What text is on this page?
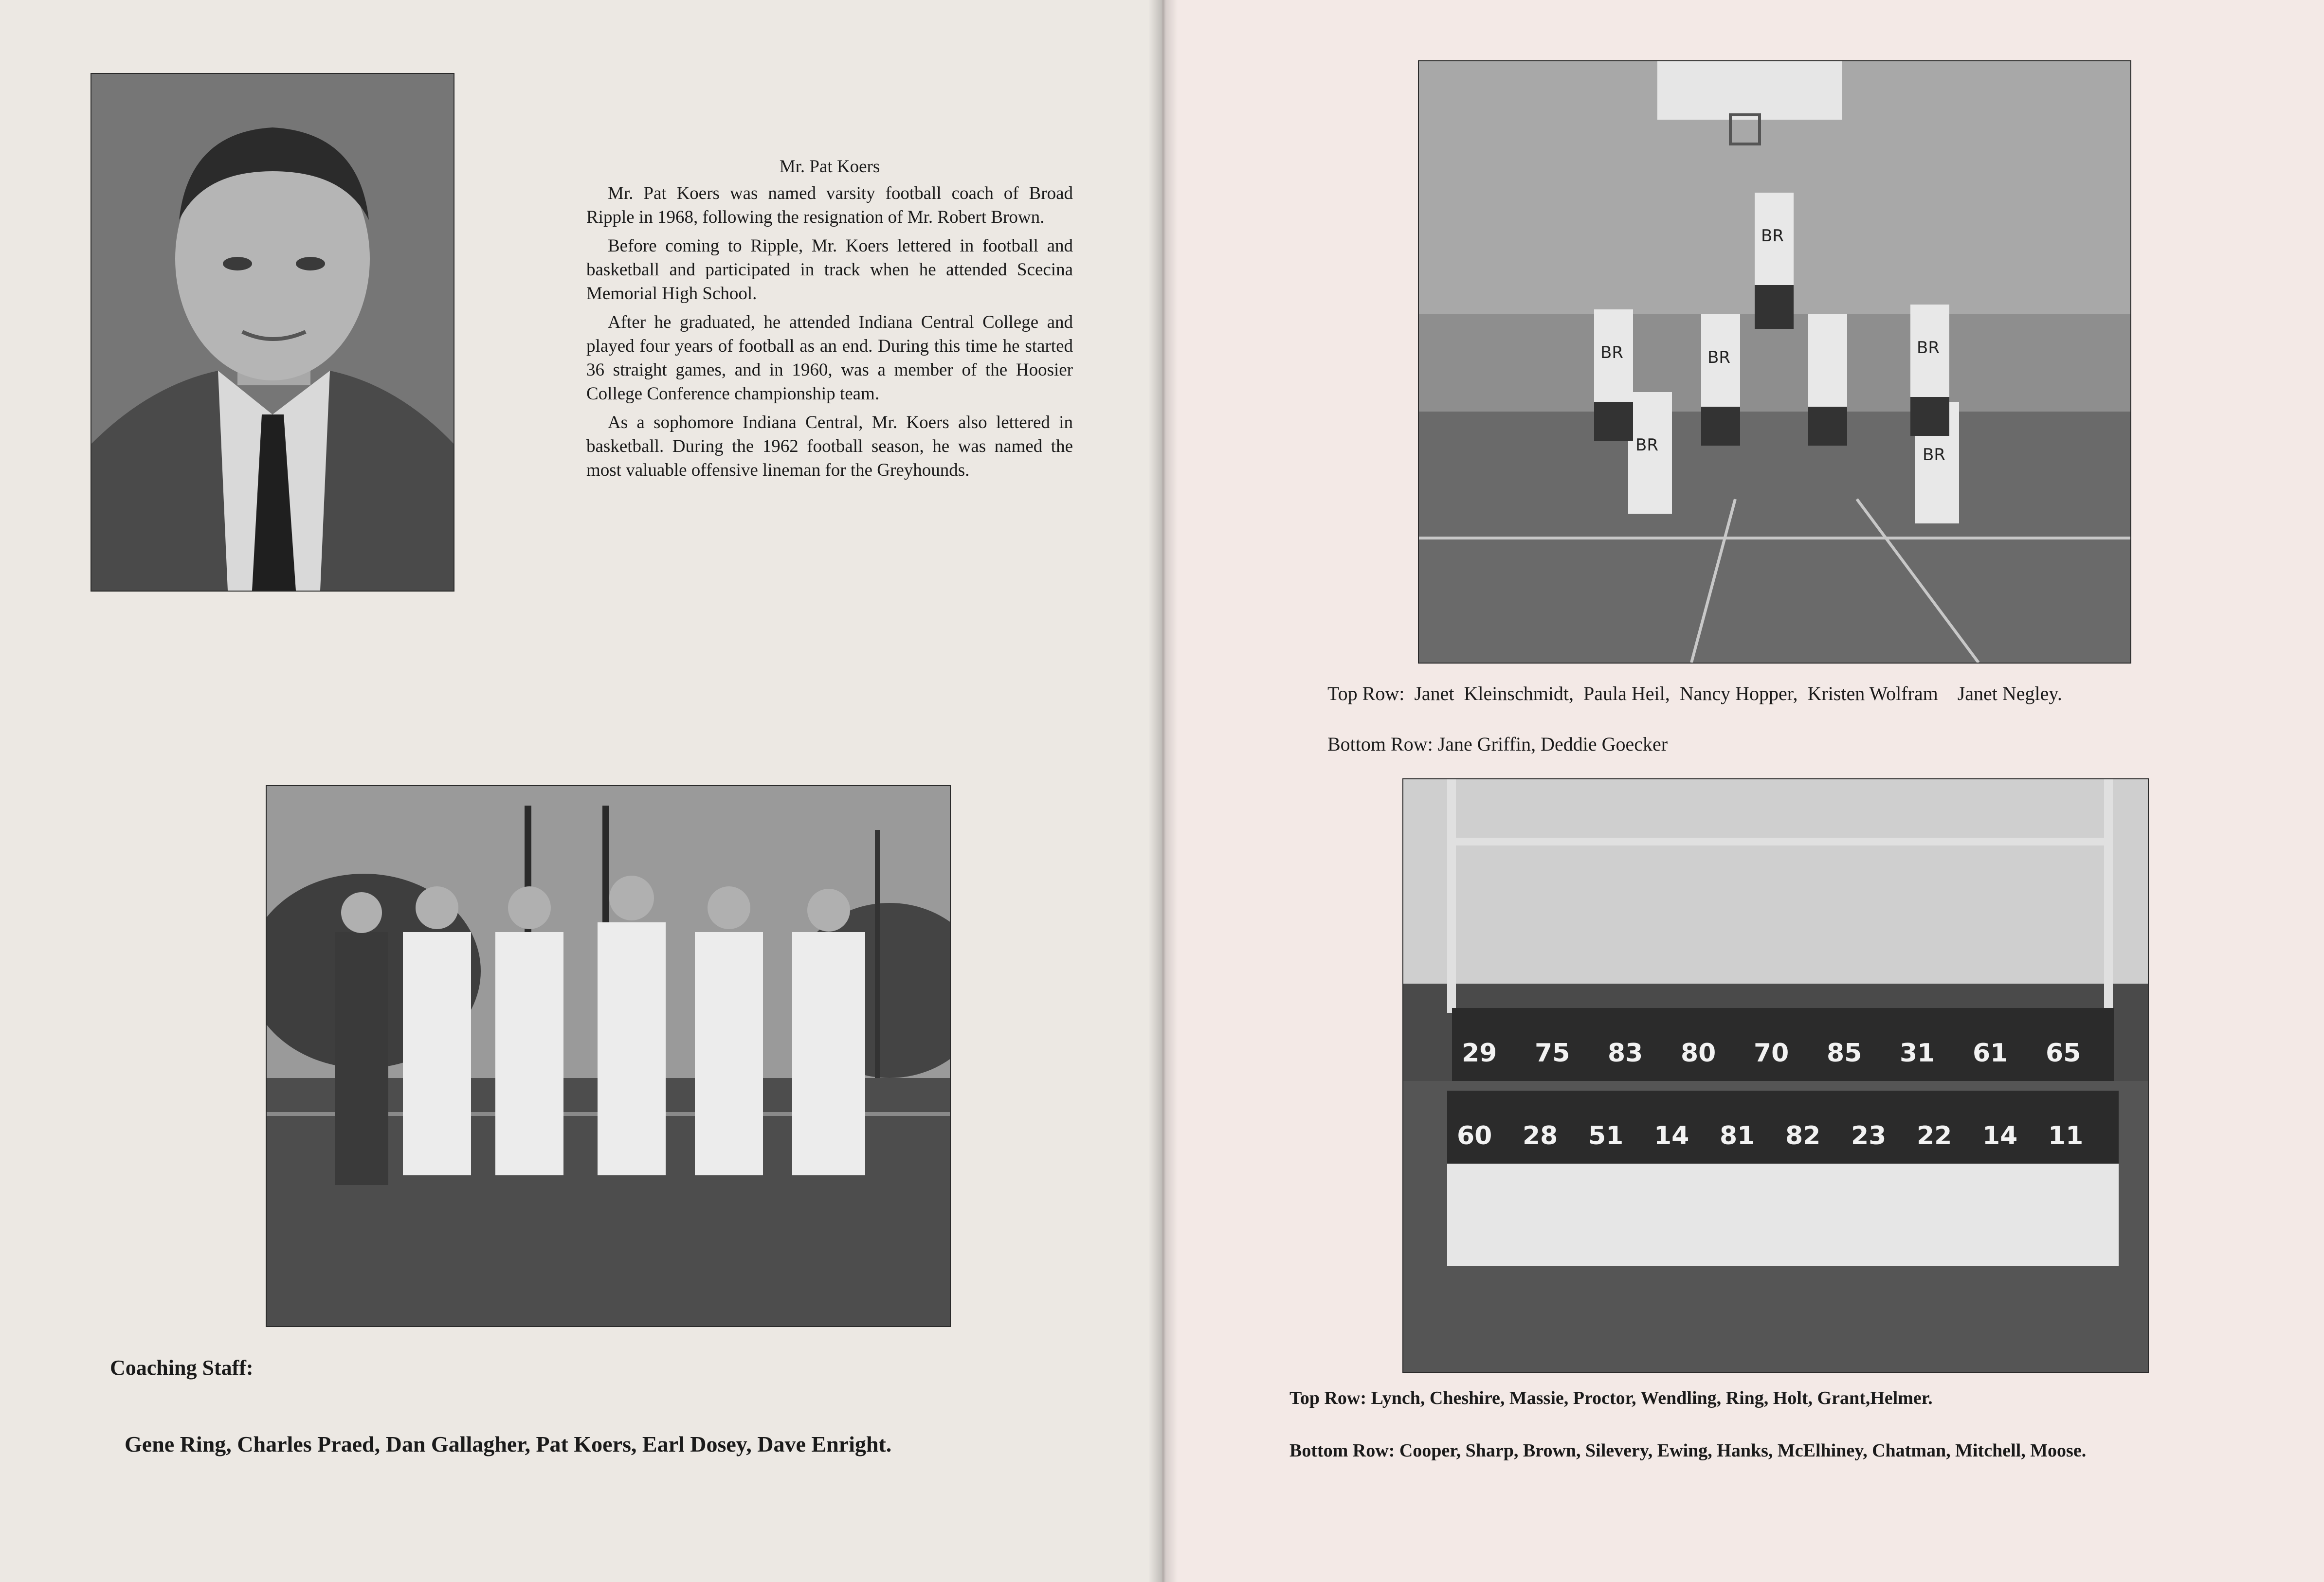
Mr. Pat Koers

Mr. Pat Koers was named varsity football coach of Broad Ripple in 1968, following the resignation of Mr. Robert Brown.

Before coming to Ripple, Mr. Koers lettered in football and basketball and participated in track when he attended Scecina Memorial High School.

After he graduated, he attended Indiana Central College and played four years of football as an end. During this time he started 36 straight games, and in 1960, was a member of the Hoosier College Conference championship team.

As a sophomore Indiana Central, Mr. Koers also lettered in basketball. During the 1962 football season, he was named the most valuable offensive lineman for the Greyhounds.

Coaching Staff:
Gene Ring, Charles Praed, Dan Gallagher, Pat Koers, Earl Dosey, Dave Enright.
BR
BR	BR	BR
BR	BR
Top Row:  Janet  Kleinschmidt,  Paula Heil,  Nancy Hopper,  Kristen Wolfram    Janet Negley.
Bottom Row: Jane Griffin, Deddie Goecker
29 75 83 80 70 85 31 61 65
60 28 51 14 81 82 23 22 14 11
Top Row: Lynch, Cheshire, Massie, Proctor, Wendling, Ring, Holt, Grant,Helmer.
Bottom Row: Cooper, Sharp, Brown, Silevery, Ewing, Hanks, McElhiney, Chatman, Mitchell, Moose.
